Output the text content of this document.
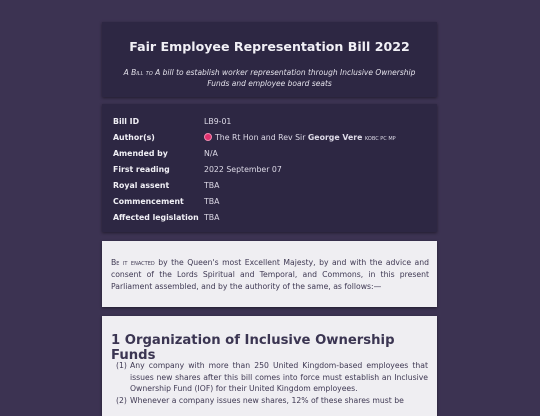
Fair Employee Representation Bill 2022
A Bill to A bill to establish worker representation through Inclusive Ownership Funds and employee board seats
Bill ID	LB9-01
Author(s)	The Rt Hon and Rev Sir George Vere KOBC PC MP
Amended by	N/A
First reading	2022 September 07
Royal assent	TBA
Commencement	TBA
Affected legislation TBA
Be it enacted by the Queen's most Excellent Majesty, by and with the advice and consent of the Lords Spiritual and Temporal, and Commons, in this present Parliament assembled, and by the authority of the same, as follows:—
1 Organization of Inclusive Ownership Funds
(1) Any company with more than 250 United Kingdom-based employees that issues new shares after this bill comes into force must establish an Inclusive Ownership Fund (IOF) for their United Kingdom employees.
(2) Whenever a company issues new shares, 12% of these shares must be
